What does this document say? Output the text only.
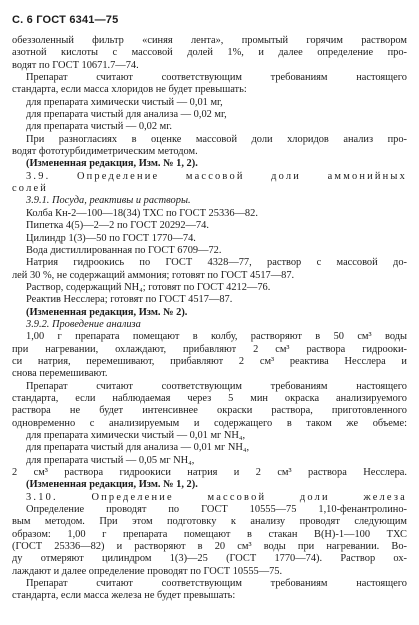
С. 6 ГОСТ 6341—75
обеззоленный фильтр «синяя лента», промытый горячим раствором
азотной кислоты с массовой долей 1%, и далее определение про-
водят по ГОСТ 10671.7—74.
Препарат считают соответствующим требованиям настоящего
стандарта, если масса хлоридов не будет превышать:
для препарата химически чистый — 0,01 мг,
для препарата чистый для анализа — 0,02 мг,
для препарата чистый — 0,02 мг.
При разногласиях в оценке массовой доли хлоридов анализ про-
водят фототурбидиметрическим методом.
(Измененная редакция, Изм. № 1, 2).
3.9. Определение массовой доли аммонийных
солей
3.9.1. Посуда, реактивы и растворы.
Колба Кн-2—100—18(34) ТХС по ГОСТ 25336—82.
Пипетка 4(5)—2—2 по ГОСТ 20292—74.
Цилиндр 1(3)—50 по ГОСТ 1770—74.
Вода дистиллированная по ГОСТ 6709—72.
Натрия гидроокись по ГОСТ 4328—77, раствор с массовой до-
лей 30 %, не содержащий аммония; готовят по ГОСТ 4517—87.
Раствор, содержащий NH₄; готовят по ГОСТ 4212—76.
Реактив Несслера; готовят по ГОСТ 4517—87.
(Измененная редакция, Изм. № 2).
3.9.2. Проведение анализа
1,00 г препарата помещают в колбу, растворяют в 50 см³ воды
при нагревании, охлаждают, прибавляют 2 см³ раствора гидрооки-
си натрия, перемешивают, прибавляют 2 см³ реактива Несслера и
снова перемешивают.
Препарат считают соответствующим требованиям настоящего
стандарта, если наблюдаемая через 5 мин окраска анализируемого
раствора не будет интенсивнее окраски раствора, приготовленного
одновременно с анализируемым и содержащего в таком же объеме:
для препарата химически чистый — 0,01 мг NH₄,
для препарата чистый для анализа — 0,01 мг NH₄,
для препарата чистый — 0,05 мг NH₄,
2 см³ раствора гидроокиси натрия и 2 см³ раствора Несслера.
(Измененная редакция, Изм. № 1, 2).
3.10. Определение массовой доли железа
Определение проводят по ГОСТ 10555—75 1,10-фенантролино-
вым методом. При этом подготовку к анализу проводят следующим
образом: 1,00 г препарата помещают в стакан В(Н)-1—100 ТХС
(ГОСТ 25336—82) и растворяют в 20 см³ воды при нагревании. Во-
ду отмеряют цилиндром 1(3)—25 (ГОСТ 1770—74). Раствор ох-
лаждают и далее определение проводят по ГОСТ 10555—75.
Препарат считают соответствующим требованиям настоящего
стандарта, если масса железа не будет превышать:
